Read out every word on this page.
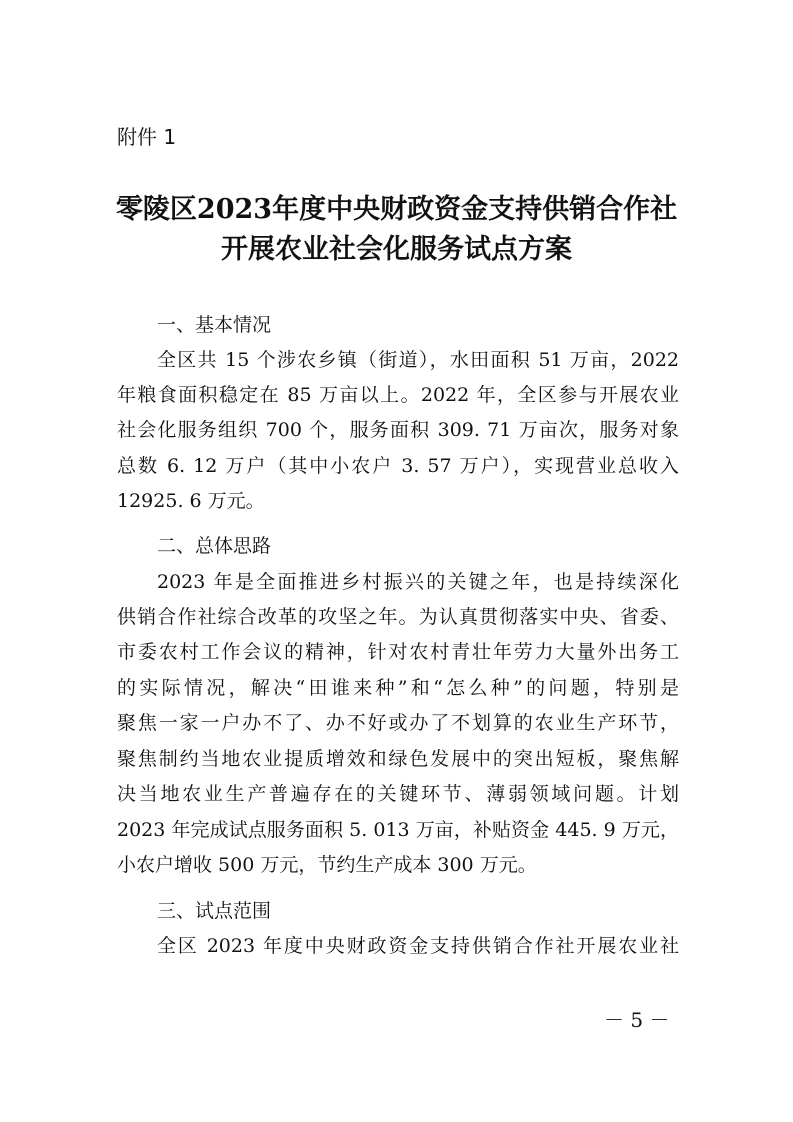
附件 1
零陵区2023年度中央财政资金支持供销合作社
开展农业社会化服务试点方案
一、基本情况
全区共 15 个涉农乡镇（街道），水田面积 51 万亩，2022
年粮食面积稳定在 85 万亩以上。2022 年，全区参与开展农业
社会化服务组织 700 个，服务面积 309. 71 万亩次，服务对象
总数 6. 12 万户（其中小农户 3. 57 万户），实现营业总收入
12925. 6 万元。
二、总体思路
2023 年是全面推进乡村振兴的关键之年，也是持续深化
供销合作社综合改革的攻坚之年。为认真贯彻落实中央、省委、
市委农村工作会议的精神，针对农村青壮年劳力大量外出务工
的实际情况，解决“田谁来种”和“怎么种”的问题，特别是
聚焦一家一户办不了、办不好或办了不划算的农业生产环节，
聚焦制约当地农业提质增效和绿色发展中的突出短板，聚焦解
决当地农业生产普遍存在的关键环节、薄弱领域问题。计划
2023 年完成试点服务面积 5. 013 万亩，补贴资金 445. 9 万元，
小农户增收 500 万元，节约生产成本 300 万元。
三、试点范围
全区 2023 年度中央财政资金支持供销合作社开展农业社
－ 5 －
